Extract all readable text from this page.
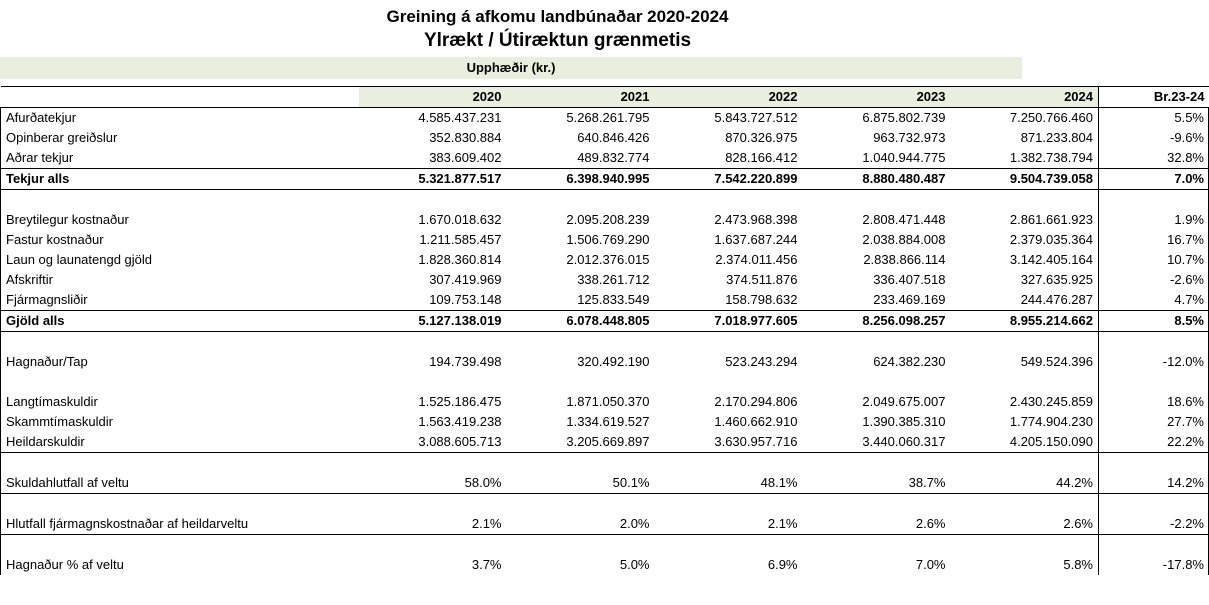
Greining á afkomu landbúnaðar 2020-2024
Ylrækt / Útiræktun grænmetis
Upphæðir (kr.)
	2020	2021	2022	2023	2024	Br.23-24
Afurðatekjur	4.585.437.231	5.268.261.795	5.843.727.512	6.875.802.739	7.250.766.460	5.5%
Opinberar greiðslur	352.830.884	640.846.426	870.326.975	963.732.973	871.233.804	-9.6%
Aðrar tekjur	383.609.402	489.832.774	828.166.412	1.040.944.775	1.382.738.794	32.8%
Tekjur alls	5.321.877.517	6.398.940.995	7.542.220.899	8.880.480.487	9.504.739.058	7.0%

Breytilegur kostnaður	1.670.018.632	2.095.208.239	2.473.968.398	2.808.471.448	2.861.661.923	1.9%
Fastur kostnaður	1.211.585.457	1.506.769.290	1.637.687.244	2.038.884.008	2.379.035.364	16.7%
Laun og launatengd gjöld	1.828.360.814	2.012.376.015	2.374.011.456	2.838.866.114	3.142.405.164	10.7%
Afskriftir	307.419.969	338.261.712	374.511.876	336.407.518	327.635.925	-2.6%
Fjármagnsliðir	109.753.148	125.833.549	158.798.632	233.469.169	244.476.287	4.7%
Gjöld alls	5.127.138.019	6.078.448.805	7.018.977.605	8.256.098.257	8.955.214.662	8.5%

Hagnaður/Tap	194.739.498	320.492.190	523.243.294	624.382.230	549.524.396	-12.0%

Langtímaskuldir	1.525.186.475	1.871.050.370	2.170.294.806	2.049.675.007	2.430.245.859	18.6%
Skammtímaskuldir	1.563.419.238	1.334.619.527	1.460.662.910	1.390.385.310	1.774.904.230	27.7%
Heildarskuldir	3.088.605.713	3.205.669.897	3.630.957.716	3.440.060.317	4.205.150.090	22.2%

Skuldahlutfall af veltu	58.0%	50.1%	48.1%	38.7%	44.2%	14.2%

Hlutfall fjármagnskostnaðar af heildarveltu	2.1%	2.0%	2.1%	2.6%	2.6%	-2.2%

Hagnaður % af veltu	3.7%	5.0%	6.9%	7.0%	5.8%	-17.8%
